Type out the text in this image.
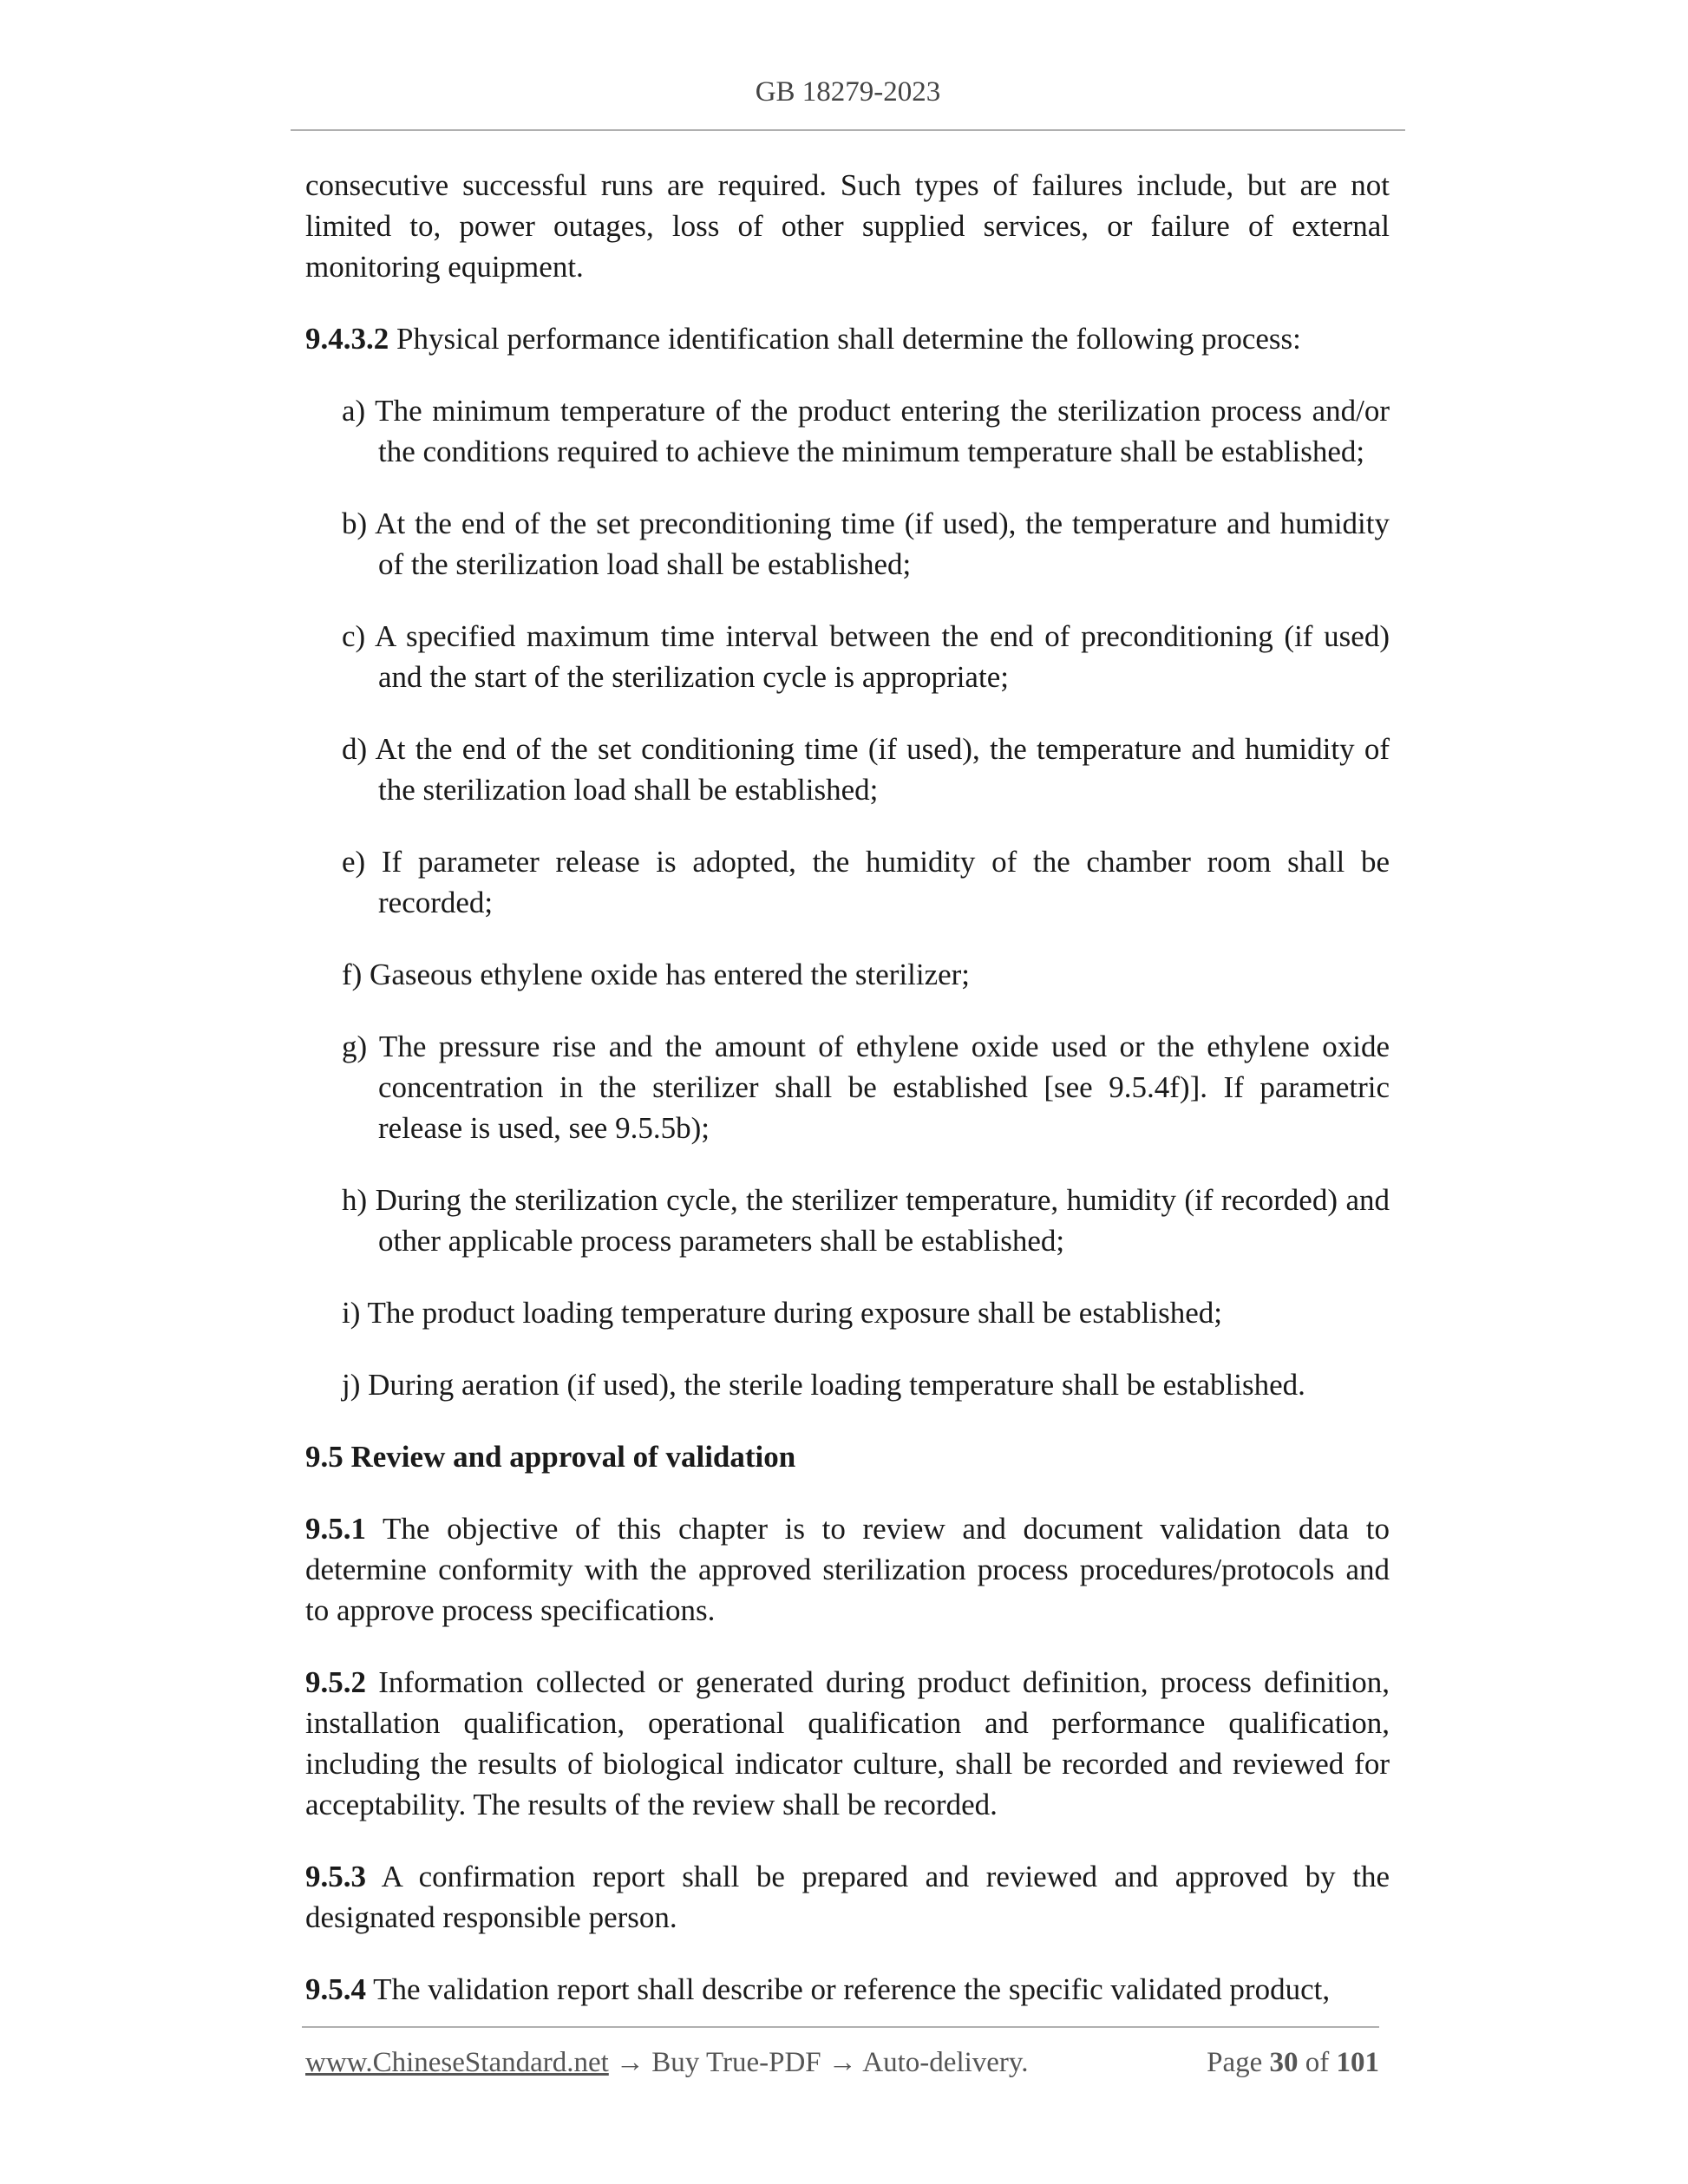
GB 18279-2023

consecutive successful runs are required. Such types of failures include, but are not limited to, power outages, loss of other supplied services, or failure of external monitoring equipment.

9.4.3.2 Physical performance identification shall determine the following process:

a) The minimum temperature of the product entering the sterilization process and/or the conditions required to achieve the minimum temperature shall be established;
b) At the end of the set preconditioning time (if used), the temperature and humidity of the sterilization load shall be established;
c) A specified maximum time interval between the end of preconditioning (if used) and the start of the sterilization cycle is appropriate;
d) At the end of the set conditioning time (if used), the temperature and humidity of the sterilization load shall be established;
e) If parameter release is adopted, the humidity of the chamber room shall be recorded;
f) Gaseous ethylene oxide has entered the sterilizer;
g) The pressure rise and the amount of ethylene oxide used or the ethylene oxide concentration in the sterilizer shall be established [see 9.5.4f)]. If parametric release is used, see 9.5.5b);
h) During the sterilization cycle, the sterilizer temperature, humidity (if recorded) and other applicable process parameters shall be established;
i) The product loading temperature during exposure shall be established;
j) During aeration (if used), the sterile loading temperature shall be established.

9.5 Review and approval of validation

9.5.1 The objective of this chapter is to review and document validation data to determine conformity with the approved sterilization process procedures/protocols and to approve process specifications.

9.5.2 Information collected or generated during product definition, process definition, installation qualification, operational qualification and performance qualification, including the results of biological indicator culture, shall be recorded and reviewed for acceptability. The results of the review shall be recorded.

9.5.3 A confirmation report shall be prepared and reviewed and approved by the designated responsible person.

9.5.4 The validation report shall describe or reference the specific validated product,

www.ChineseStandard.net → Buy True-PDF → Auto-delivery.	Page 30 of 101
